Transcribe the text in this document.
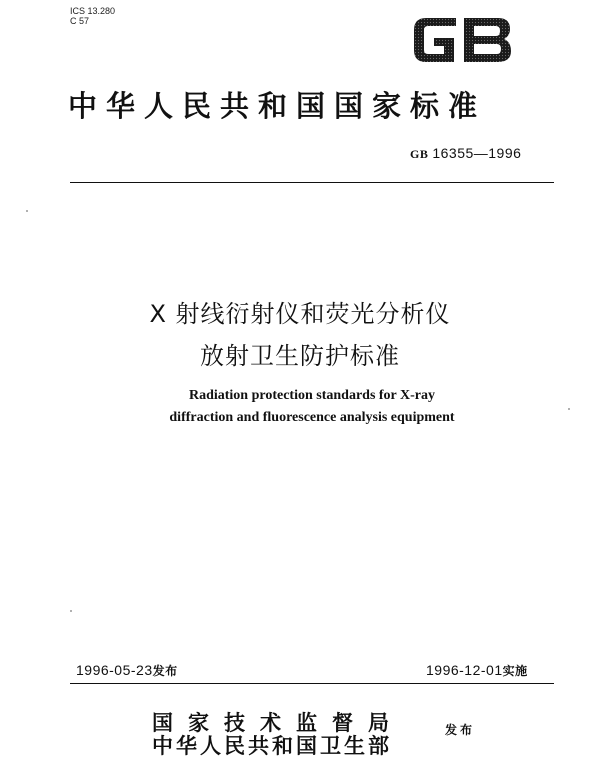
ICS 13.280
C 57
中华人民共和国国家标准
GB 16355—1996
X 射线衍射仪和荧光分析仪
放射卫生防护标准
Radiation protection standards for X-ray
diffraction and fluorescence analysis equipment
1996-05-23发布	1996-12-01实施
国家技术监督局
中华人民共和国卫生部
发布
